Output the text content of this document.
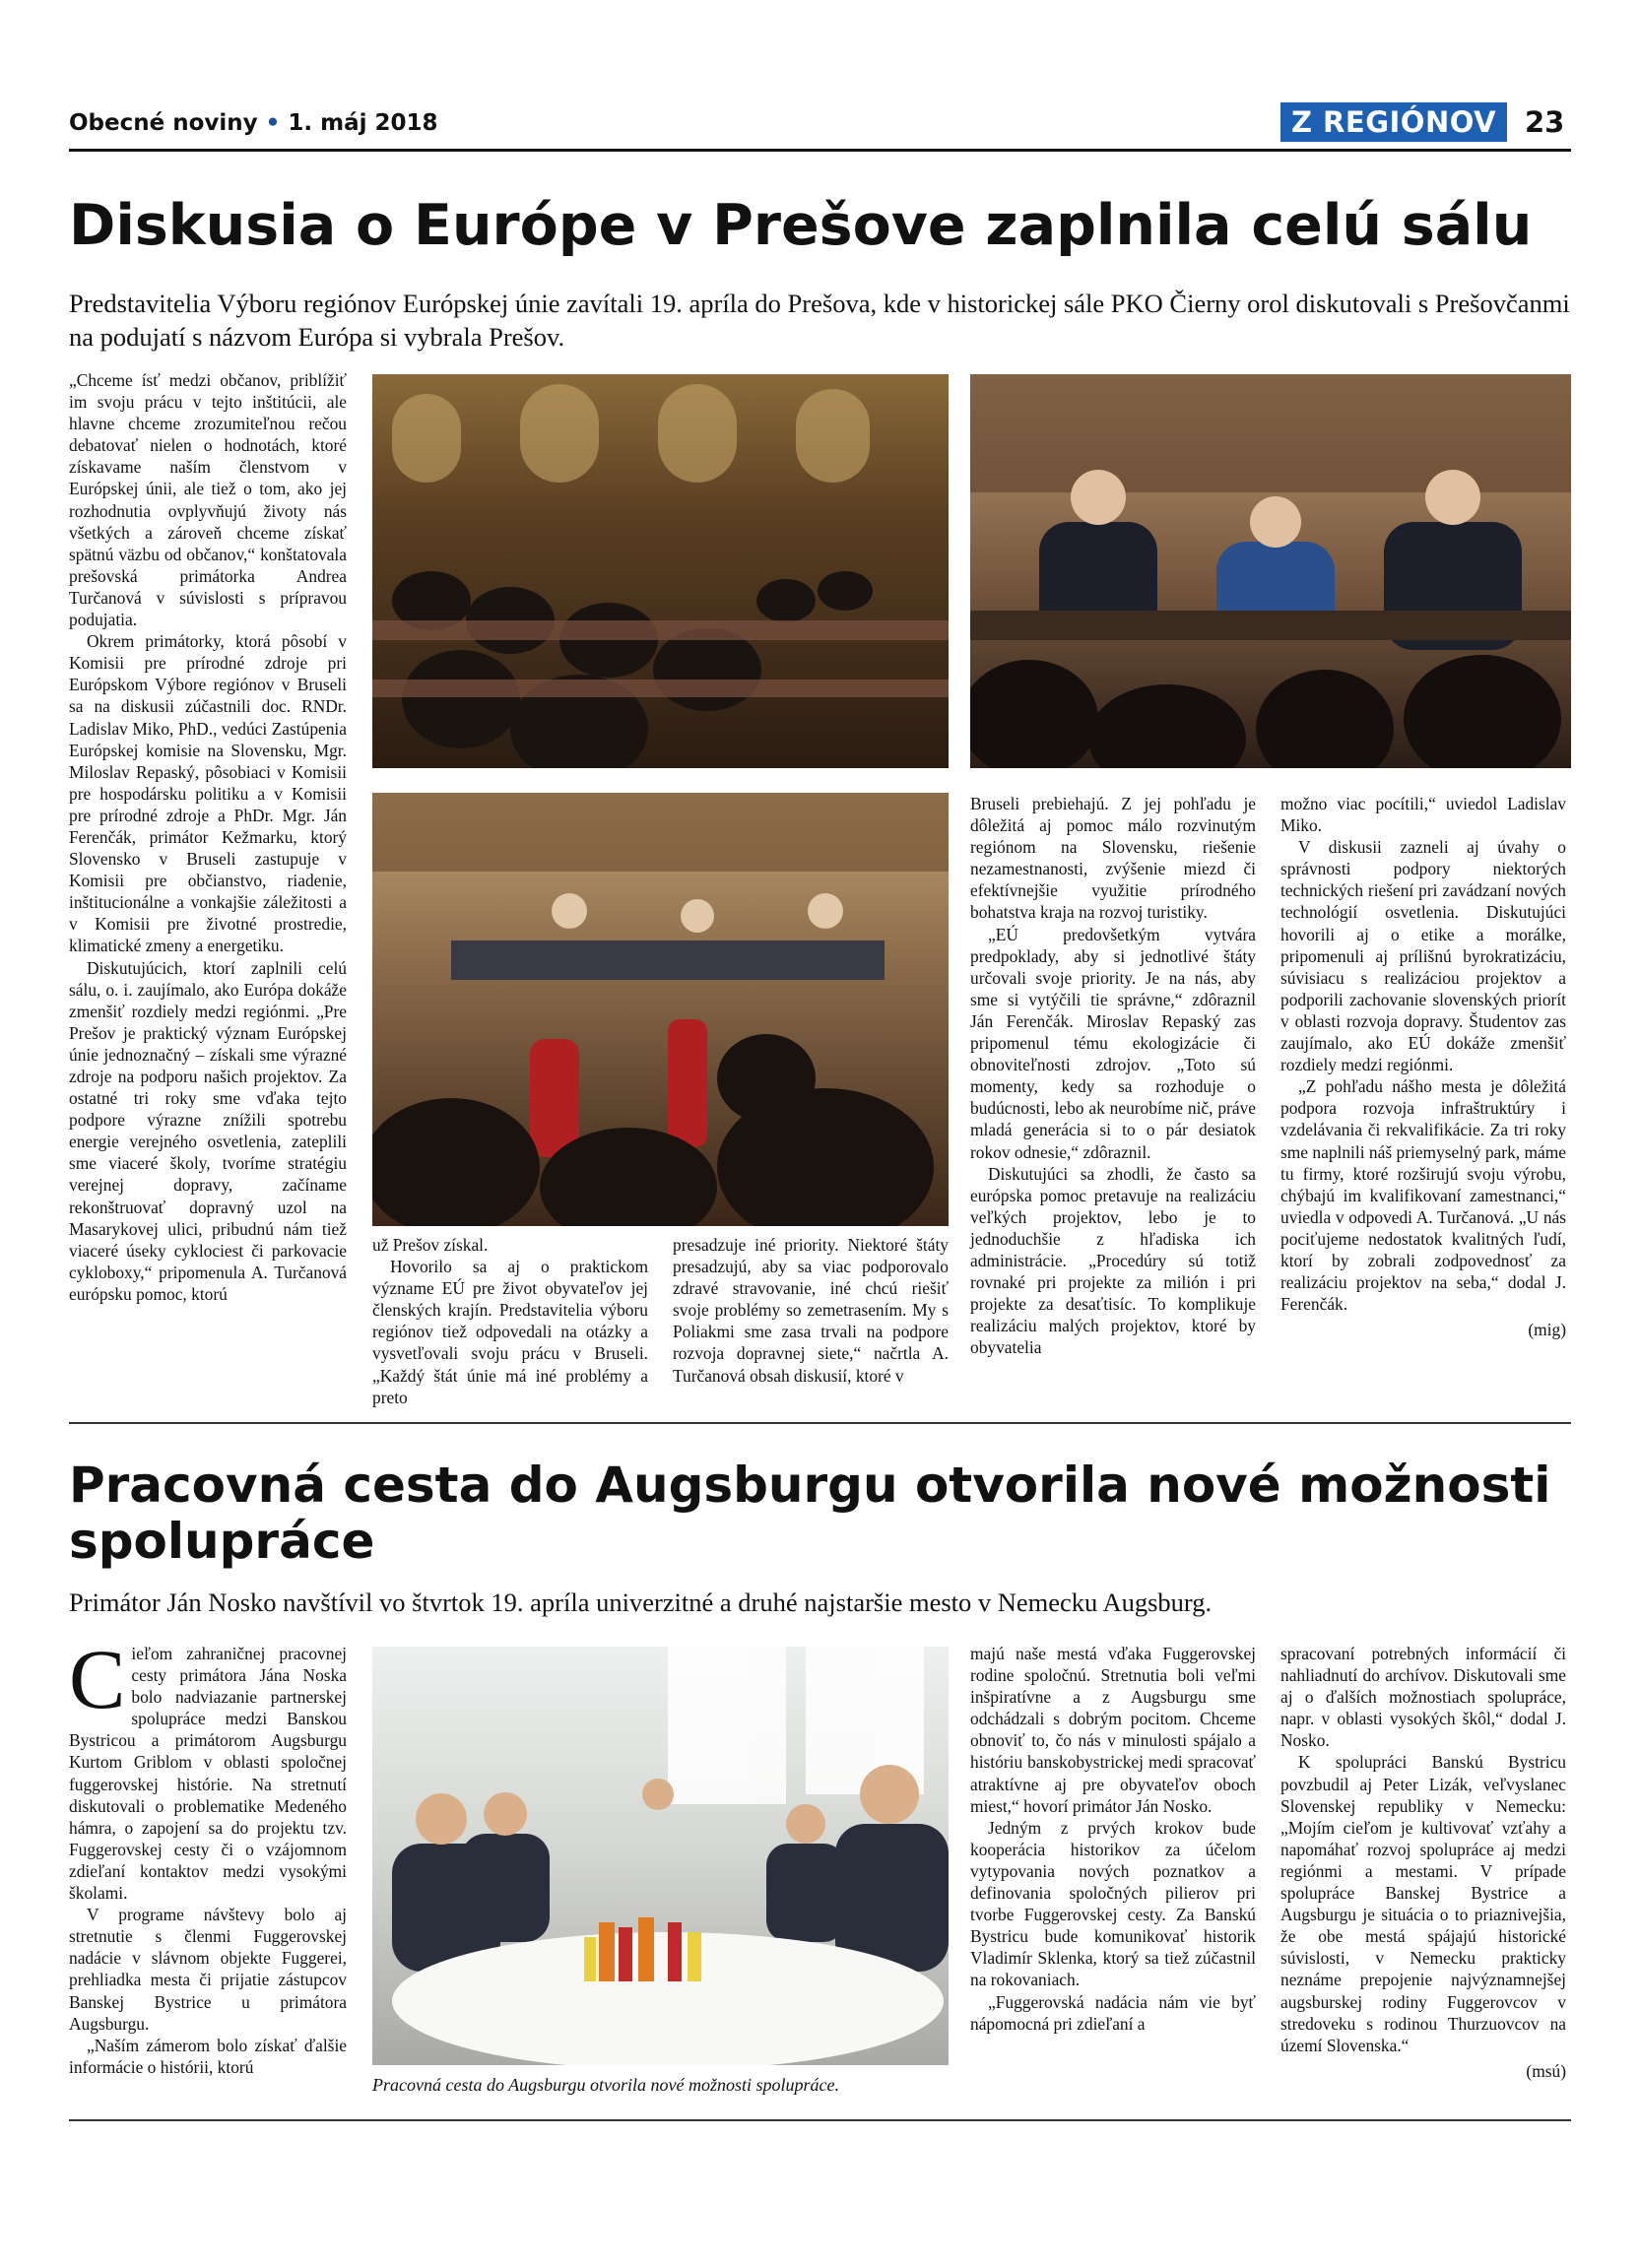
Obecné noviny • 1. máj 2018	Z REGIÓNOV 23
Diskusia o Európe v Prešove zaplnila celú sálu
Predstavitelia Výboru regiónov Európskej únie zavítali 19. apríla do Prešova, kde v historickej sále PKO Čierny orol diskutovali s Prešovčanmi na podujatí s názvom Európa si vybrala Prešov.

„Chceme ísť medzi občanov, priblížiť im svoju prácu v tejto inštitúcii, ale hlavne chceme zrozumiteľnou rečou debatovať nielen o hodnotách, ktoré získavame naším členstvom v Európskej únii, ale tiež o tom, ako jej rozhodnutia ovplyvňujú životy nás všetkých a zároveň chceme získať spätnú väzbu od občanov,“ konštatovala prešovská primátorka Andrea Turčanová v súvislosti s prípravou podujatia.

Okrem primátorky, ktorá pôsobí v Komisii pre prírodné zdroje pri Európskom Výbore regiónov v Bruseli sa na diskusii zúčastnili doc. RNDr. Ladislav Miko, PhD., vedúci Zastúpenia Európskej komisie na Slovensku, Mgr. Miloslav Repaský, pôsobiaci v Komisii pre hospodársku politiku a v Komisii pre prírodné zdroje a PhDr. Mgr. Ján Ferenčák, primátor Kežmarku, ktorý Slovensko v Bruseli zastupuje v Komisii pre občianstvo, riadenie, inštitucionálne a vonkajšie záležitosti a v Komisii pre životné prostredie, klimatické zmeny a energetiku.

Diskutujúcich, ktorí zaplnili celú sálu, o. i. zaujímalo, ako Európa dokáže zmenšiť rozdiely medzi regiónmi. „Pre Prešov je praktický význam Európskej únie jednoznačný – získali sme výrazné zdroje na podporu našich projektov. Za ostatné tri roky sme vďaka tejto podpore výrazne znížili spotrebu energie verejného osvetlenia, zateplili sme viaceré školy, tvoríme stratégiu verejnej dopravy, začíname rekonštruovať dopravný uzol na Masarykovej ulici, pribudnú nám tiež viaceré úseky cyklociest či parkovacie cykloboxy,“ pripomenula A. Turčanová európsku pomoc, ktorú

už Prešov získal.

Hovorilo sa aj o praktickom význame EÚ pre život obyvateľov jej členských krajín. Predstavitelia výboru regiónov tiež odpovedali na otázky a vysvetľovali svoju prácu v Bruseli. „Každý štát únie má iné problémy a preto

presadzuje iné priority. Niektoré štáty presadzujú, aby sa viac podporovalo zdravé stravovanie, iné chcú riešiť svoje problémy so zemetrasením. My s Poliakmi sme zasa trvali na podpore rozvoja dopravnej siete,“ načrtla A. Turčanová obsah diskusií, ktoré v

Bruseli prebiehajú. Z jej pohľadu je dôležitá aj pomoc málo rozvinutým regiónom na Slovensku, riešenie nezamestnanosti, zvýšenie miezd či efektívnejšie využitie prírodného bohatstva kraja na rozvoj turistiky.

„EÚ predovšetkým vytvára predpoklady, aby si jednotlivé štáty určovali svoje priority. Je na nás, aby sme si vytýčili tie správne,“ zdôraznil Ján Ferenčák. Miroslav Repaský zas pripomenul tému ekologizácie či obnoviteľnosti zdrojov. „Toto sú momenty, kedy sa rozhoduje o budúcnosti, lebo ak neurobíme nič, práve mladá generácia si to o pár desiatok rokov odnesie,“ zdôraznil.

Diskutujúci sa zhodli, že často sa európska pomoc pretavuje na realizáciu veľkých projektov, lebo je to jednoduchšie z hľadiska ich administrácie. „Procedúry sú totiž rovnaké pri projekte za milión i pri projekte za desaťtisíc. To komplikuje realizáciu malých projektov, ktoré by obyvatelia

možno viac pocítili,“ uviedol Ladislav Miko.

V diskusii zazneli aj úvahy o správnosti podpory niektorých technických riešení pri zavádzaní nových technológií osvetlenia. Diskutujúci hovorili aj o etike a morálke, pripomenuli aj prílišnú byrokratizáciu, súvisiacu s realizáciou projektov a podporili zachovanie slovenských priorít v oblasti rozvoja dopravy. Študentov zas zaujímalo, ako EÚ dokáže zmenšiť rozdiely medzi regiónmi.

„Z pohľadu nášho mesta je dôležitá podpora rozvoja infraštruktúry i vzdelávania či rekvalifikácie. Za tri roky sme naplnili náš priemyselný park, máme tu firmy, ktoré rozširujú svoju výrobu, chýbajú im kvalifikovaní zamestnanci,“ uviedla v odpovedi A. Turčanová. „U nás pociťujeme nedostatok kvalitných ľudí, ktorí by zobrali zodpovednosť za realizáciu projektov na seba,“ dodal J. Ferenčák.

(mig)

Pracovná cesta do Augsburgu otvorila nové možnosti spolupráce
Primátor Ján Nosko navštívil vo štvrtok 19. apríla univerzitné a druhé najstaršie mesto v Nemecku Augsburg.

Cieľom zahraničnej pracovnej cesty primátora Jána Noska bolo nadviazanie partnerskej spolupráce medzi Banskou Bystricou a primátorom Augsburgu Kurtom Griblom v oblasti spoločnej fuggerovskej histórie. Na stretnutí diskutovali o problematike Medeného hámra, o zapojení sa do projektu tzv. Fuggerovskej cesty či o vzájomnom zdieľaní kontaktov medzi vysokými školami.

V programe návštevy bolo aj stretnutie s členmi Fuggerovskej nadácie v slávnom objekte Fuggerei, prehliadka mesta či prijatie zástupcov Banskej Bystrice u primátora Augsburgu.

„Naším zámerom bolo získať ďalšie informácie o histórii, ktorú

Pracovná cesta do Augsburgu otvorila nové možnosti spolupráce.

majú naše mestá vďaka Fuggerovskej rodine spoločnú. Stretnutia boli veľmi inšpiratívne a z Augsburgu sme odchádzali s dobrým pocitom. Chceme obnoviť to, čo nás v minulosti spájalo a históriu banskobystrickej medi spracovať atraktívne aj pre obyvateľov oboch miest,“ hovorí primátor Ján Nosko.

Jedným z prvých krokov bude kooperácia historikov za účelom vytypovania nových poznatkov a definovania spoločných pilierov pri tvorbe Fuggerovskej cesty. Za Banskú Bystricu bude komunikovať historik Vladimír Sklenka, ktorý sa tiež zúčastnil na rokovaniach.

„Fuggerovská nadácia nám vie byť nápomocná pri zdieľaní a

spracovaní potrebných informácií či nahliadnutí do archívov. Diskutovali sme aj o ďalších možnostiach spolupráce, napr. v oblasti vysokých škôl,“ dodal J. Nosko.

K spolupráci Banskú Bystricu povzbudil aj Peter Lizák, veľvyslanec Slovenskej republiky v Nemecku: „Mojím cieľom je kultivovať vzťahy a napomáhať rozvoj spolupráce aj medzi regiónmi a mestami. V prípade spolupráce Banskej Bystrice a Augsburgu je situácia o to priaznivejšia, že obe mestá spájajú historické súvislosti, v Nemecku prakticky neznáme prepojenie najvýznamnejšej augsburskej rodiny Fuggerovcov v stredoveku s rodinou Thurzuovcov na území Slovenska.“

(msú)
